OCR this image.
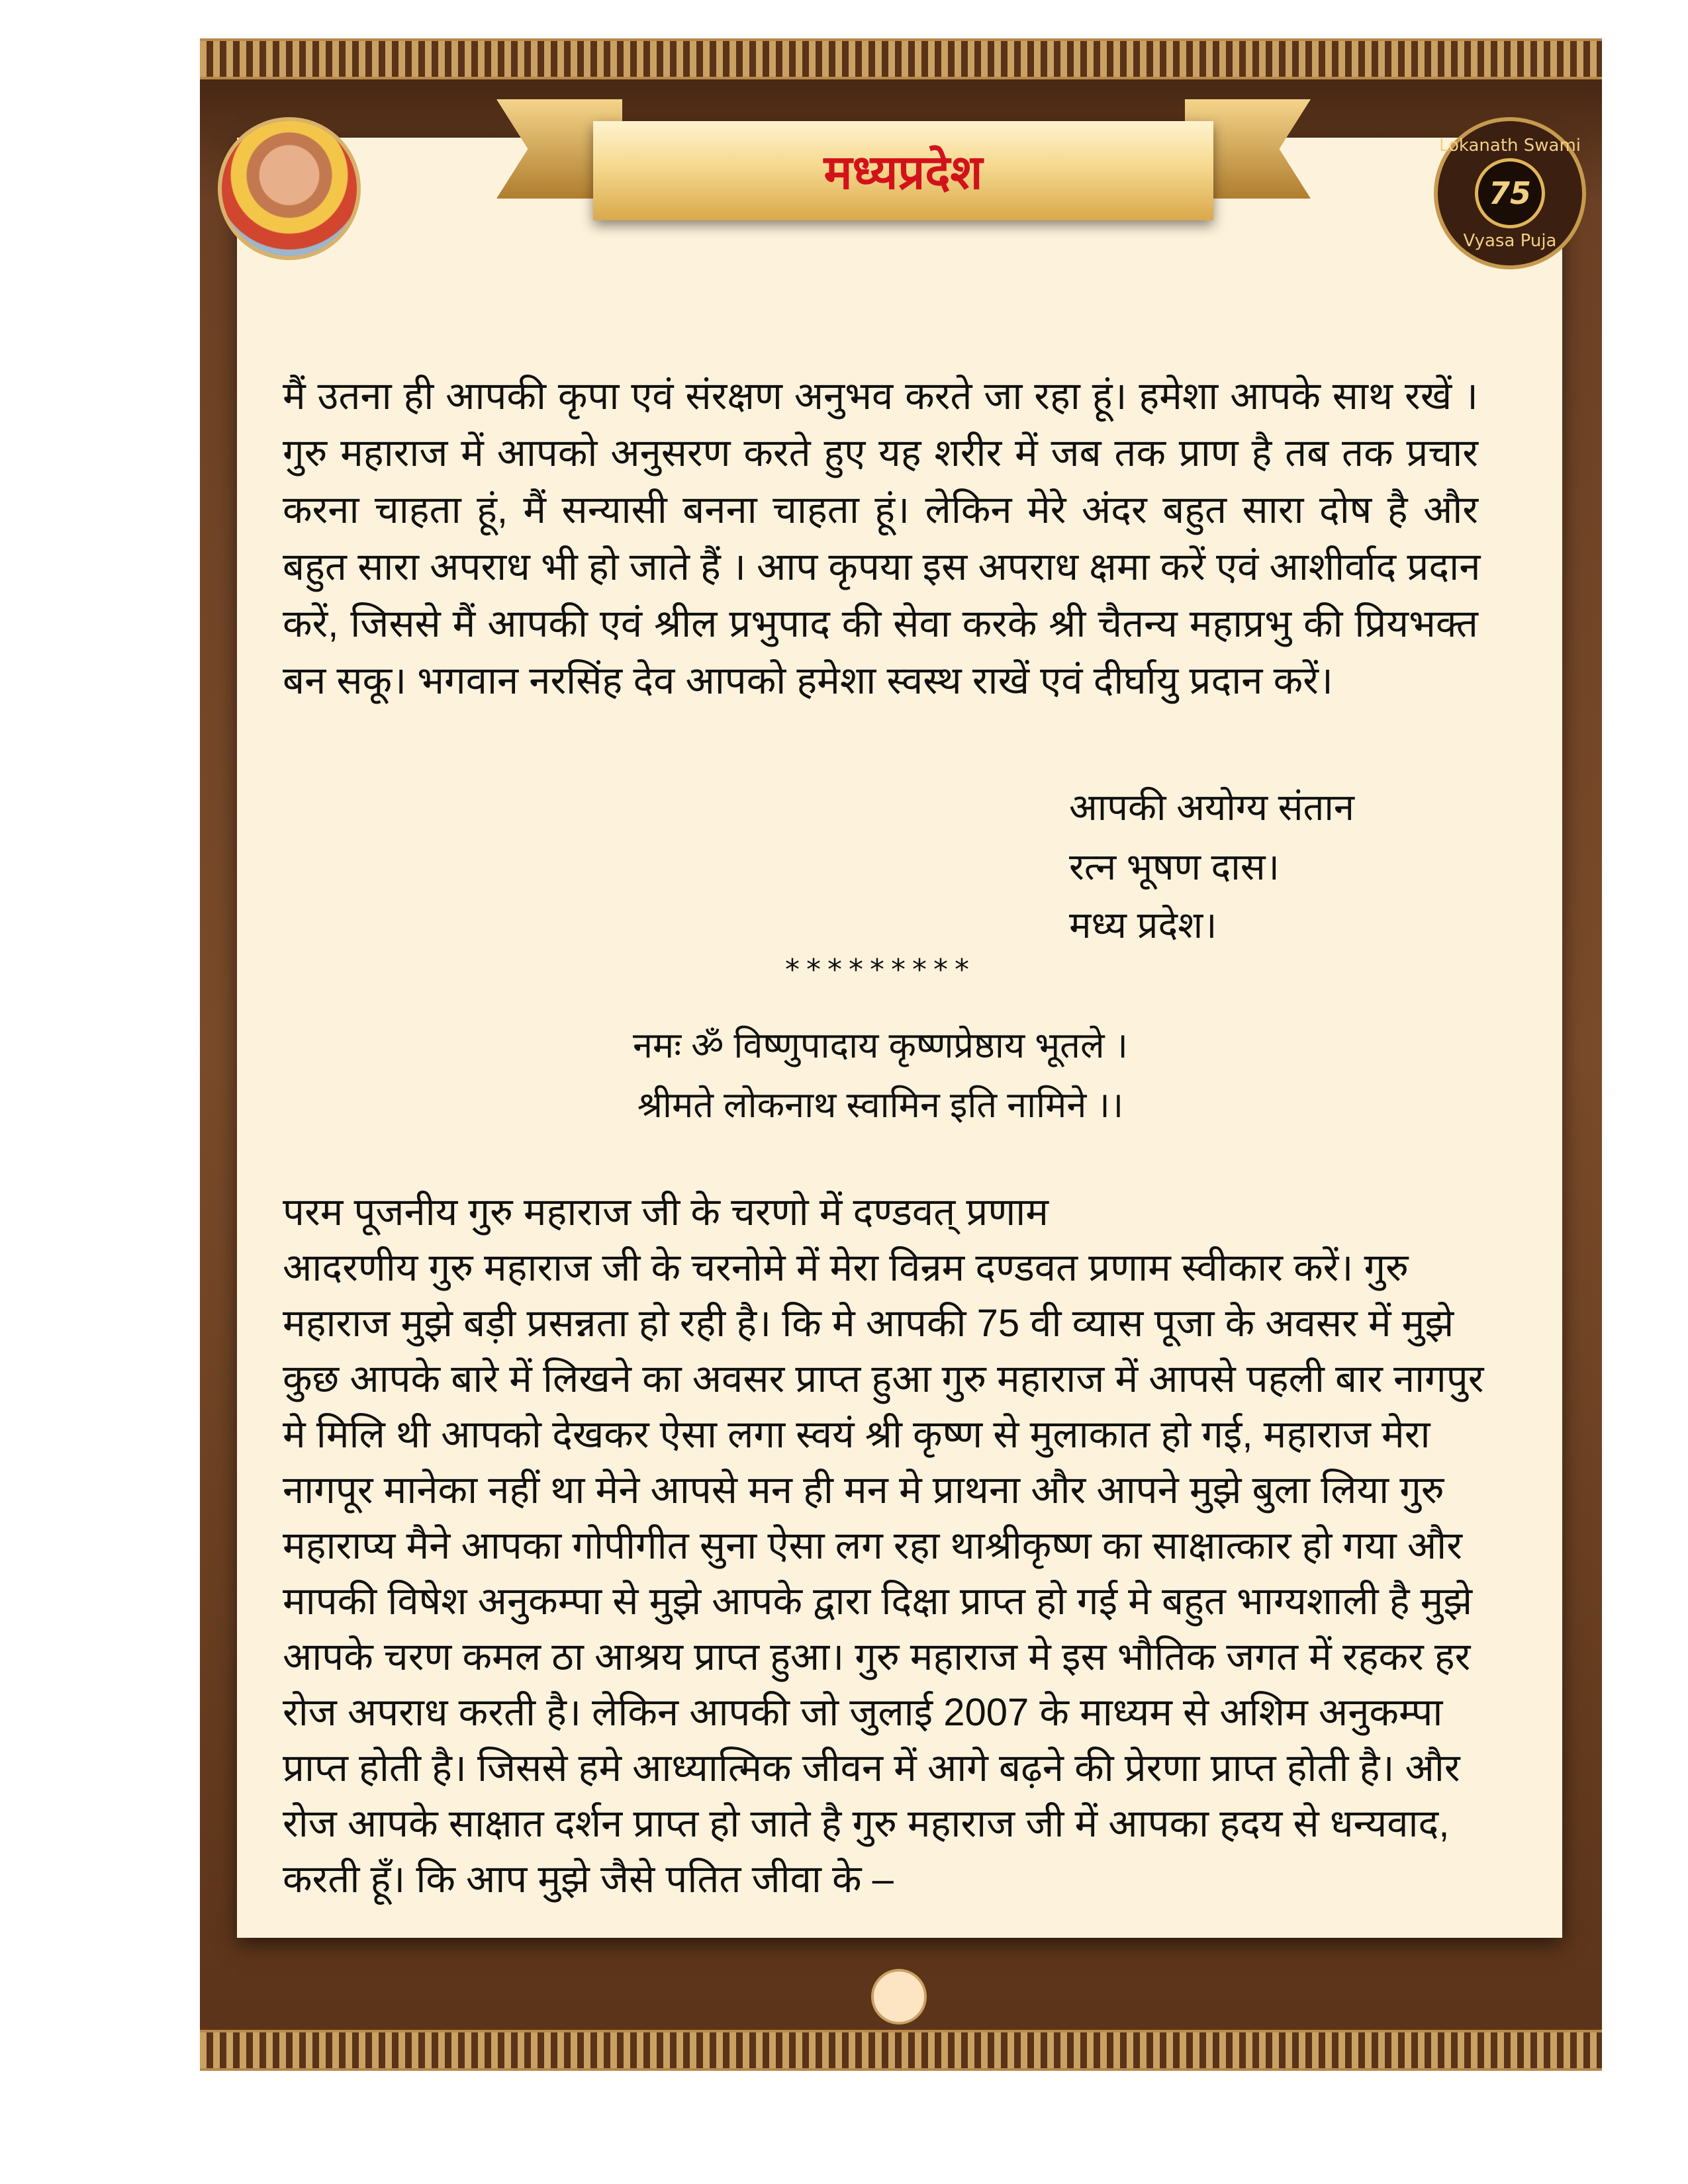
मध्यप्रदेश	Lokanath Swami
75
Vyasa Puja
मैं उतना ही आपकी कृपा एवं संरक्षण अनुभव करते जा रहा हूं। हमेशा आपके साथ रखें ।
गुरु महाराज में आपको अनुसरण करते हुए यह शरीर में जब तक प्राण है तब तक प्रचार
करना चाहता हूं, मैं सन्यासी बनना चाहता हूं। लेकिन मेरे अंदर बहुत सारा दोष है और
बहुत सारा अपराध भी हो जाते हैं । आप कृपया इस अपराध क्षमा करें एवं आशीर्वाद प्रदान
करें, जिससे मैं आपकी एवं श्रील प्रभुपाद की सेवा करके श्री चैतन्य महाप्रभु की प्रियभक्त
बन सकू। भगवान नरसिंह देव आपको हमेशा स्वस्थ राखें एवं दीर्घायु प्रदान करें।
आपकी अयोग्य संतान
रत्न भूषण दास।
मध्य प्रदेश।
*********
नमः ॐ विष्णुपादाय कृष्णप्रेष्ठाय भूतले ।
श्रीमते लोकनाथ स्वामिन इति नामिने ।।
परम पूजनीय गुरु महाराज जी के चरणो में दण्डवत् प्रणाम
आदरणीय गुरु महाराज जी के चरनोमे में मेरा विन्रम दण्डवत प्रणाम स्वीकार करें। गुरु
महाराज मुझे बड़ी प्रसन्नता हो रही है। कि मे आपकी 75 वी व्यास पूजा के अवसर में मुझे
कुछ आपके बारे में लिखने का अवसर प्राप्त हुआ गुरु महाराज में आपसे पहली बार नागपुर
मे मिलि थी आपको देखकर ऐसा लगा स्वयं श्री कृष्ण से मुलाकात हो गई, महाराज मेरा
नागपूर मानेका नहीं था मेने आपसे मन ही मन मे प्राथना और आपने मुझे बुला लिया गुरु
महाराप्य मैने आपका गोपीगीत सुना ऐसा लग रहा थाश्रीकृष्ण का साक्षात्कार हो गया और
मापकी विषेश अनुकम्पा से मुझे आपके द्वारा दिक्षा प्राप्त हो गई मे बहुत भाग्यशाली है मुझे
आपके चरण कमल ठा आश्रय प्राप्त हुआ। गुरु महाराज मे इस भौतिक जगत में रहकर हर
रोज अपराध करती है। लेकिन आपकी जो जुलाई 2007 के माध्यम से अशिम अनुकम्पा
प्राप्त होती है। जिससे हमे आध्यात्मिक जीवन में आगे बढ़ने की प्रेरणा प्राप्त होती है। और
रोज आपके साक्षात दर्शन प्राप्त हो जाते है गुरु महाराज जी में आपका हदय से धन्यवाद,
करती हूँ। कि आप मुझे जैसे पतित जीवा के –
